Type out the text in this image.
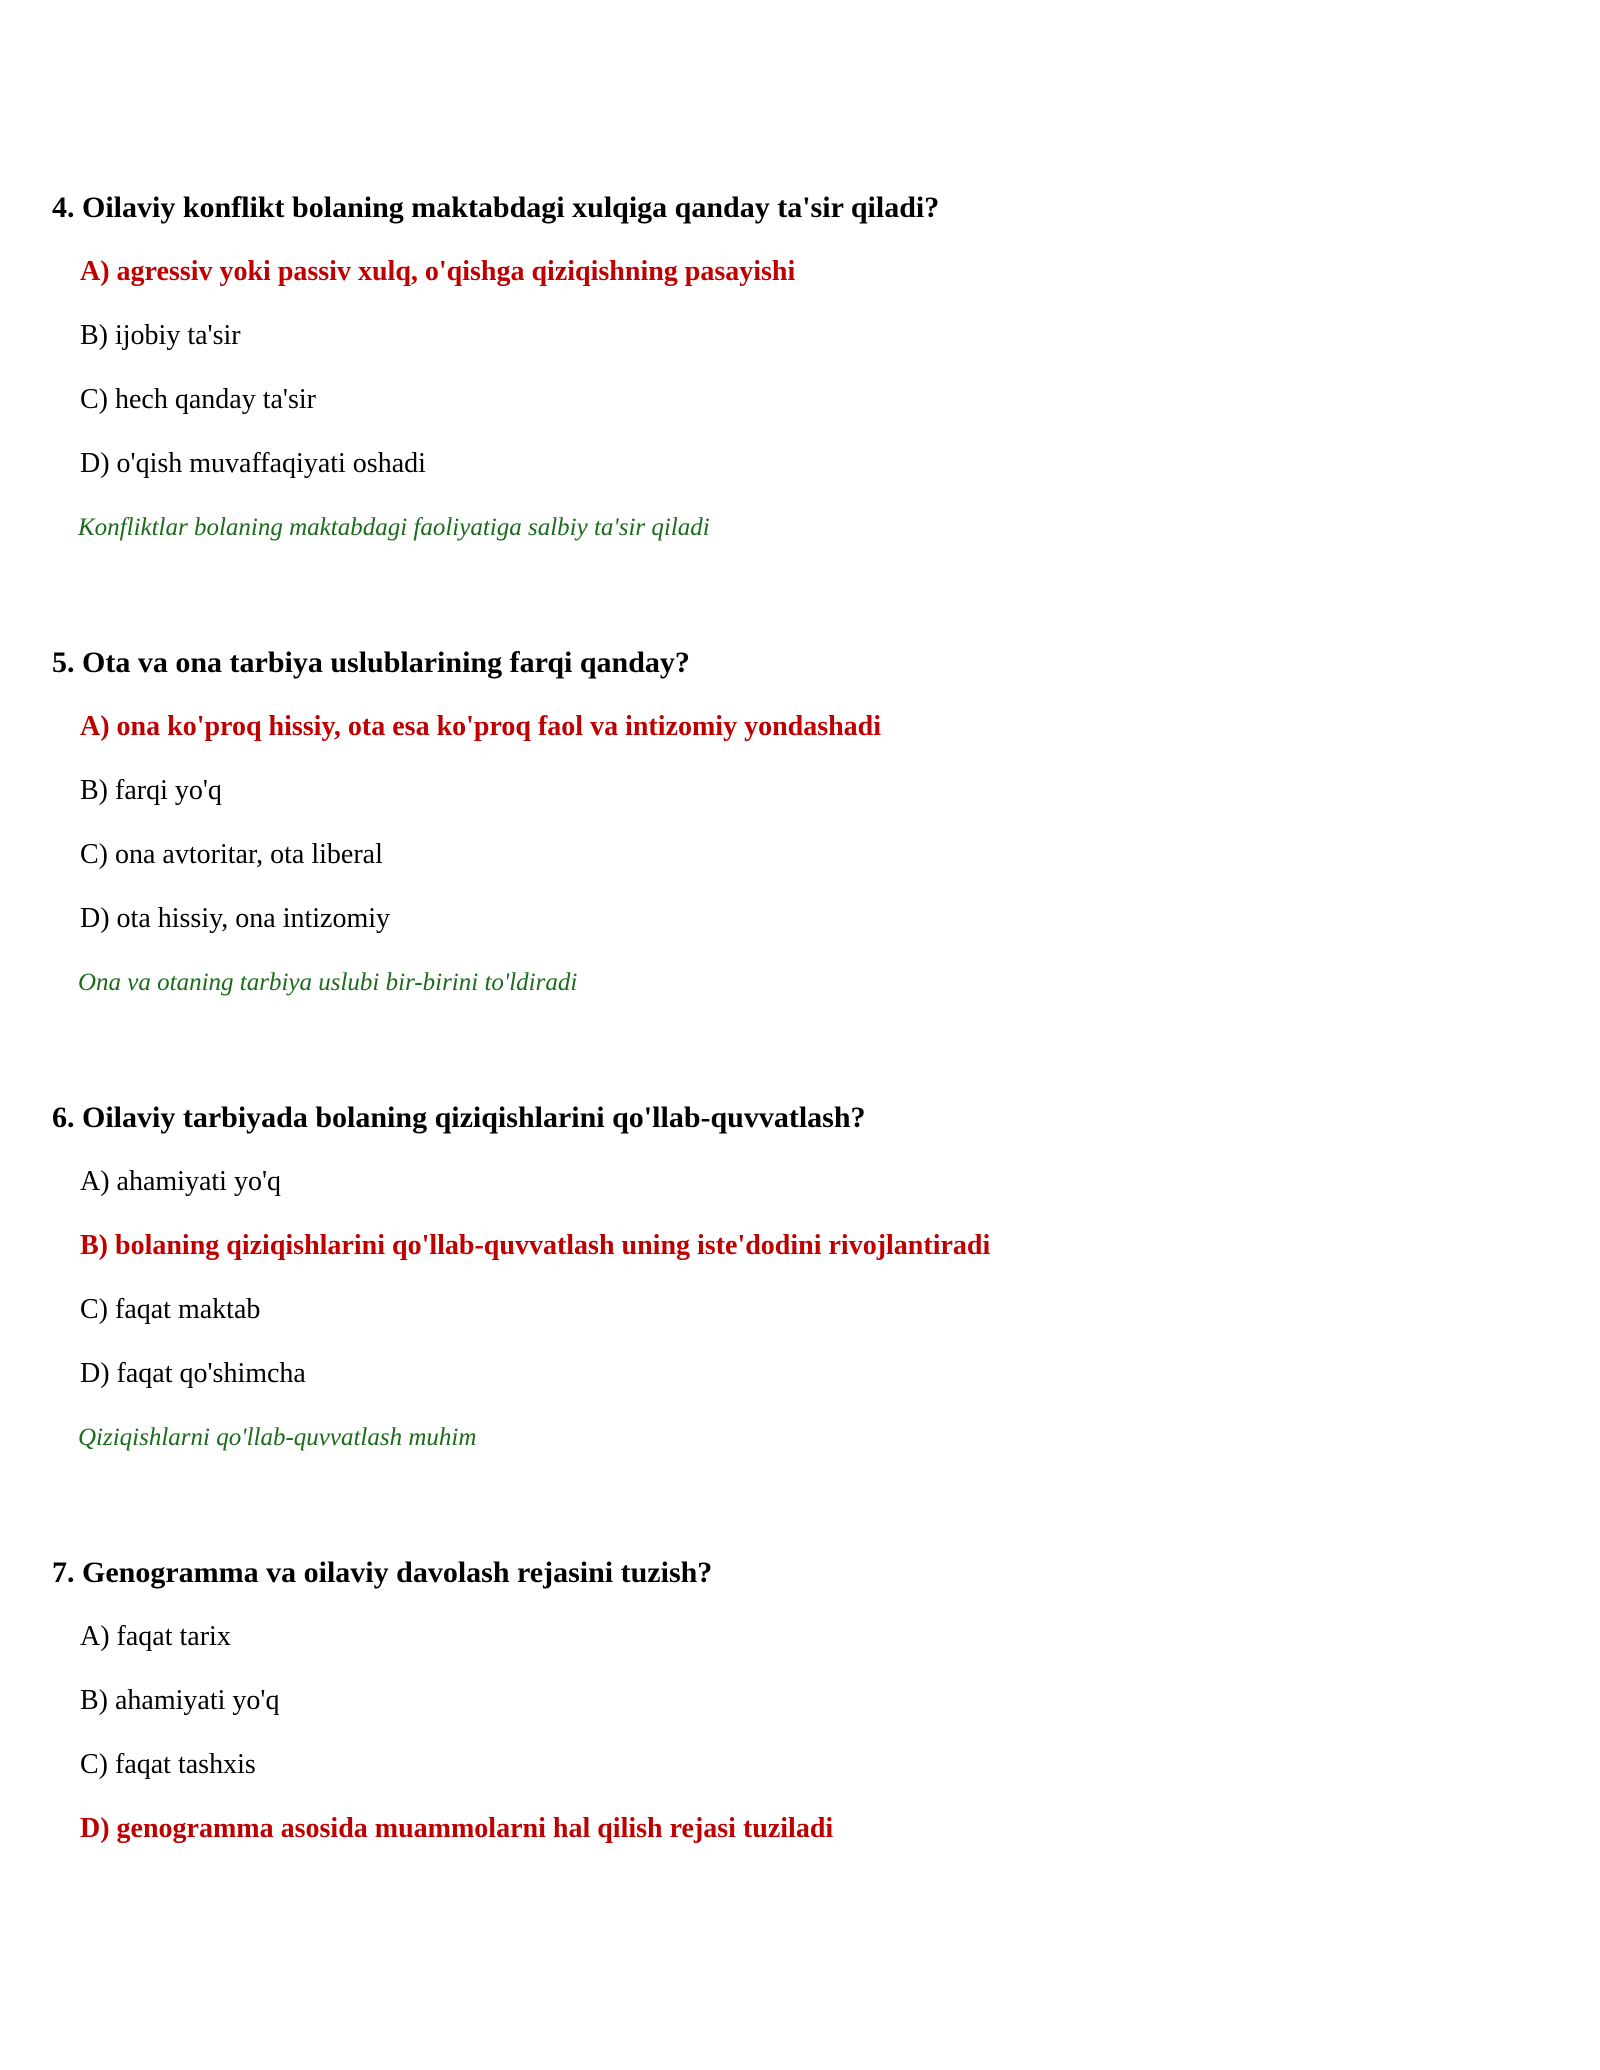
4. Oilaviy konflikt bolaning maktabdagi xulqiga qanday ta'sir qiladi?

A) agressiv yoki passiv xulq, o'qishga qiziqishning pasayishi

B) ijobiy ta'sir

C) hech qanday ta'sir

D) o'qish muvaffaqiyati oshadi

Konfliktlar bolaning maktabdagi faoliyatiga salbiy ta'sir qiladi

5. Ota va ona tarbiya uslublarining farqi qanday?

A) ona ko'proq hissiy, ota esa ko'proq faol va intizomiy yondashadi

B) farqi yo'q

C) ona avtoritar, ota liberal

D) ota hissiy, ona intizomiy

Ona va otaning tarbiya uslubi bir-birini to'ldiradi

6. Oilaviy tarbiyada bolaning qiziqishlarini qo'llab-quvvatlash?

A) ahamiyati yo'q

B) bolaning qiziqishlarini qo'llab-quvvatlash uning iste'dodini rivojlantiradi

C) faqat maktab

D) faqat qo'shimcha

Qiziqishlarni qo'llab-quvvatlash muhim

7. Genogramma va oilaviy davolash rejasini tuzish?

A) faqat tarix

B) ahamiyati yo'q

C) faqat tashxis

D) genogramma asosida muammolarni hal qilish rejasi tuziladi
